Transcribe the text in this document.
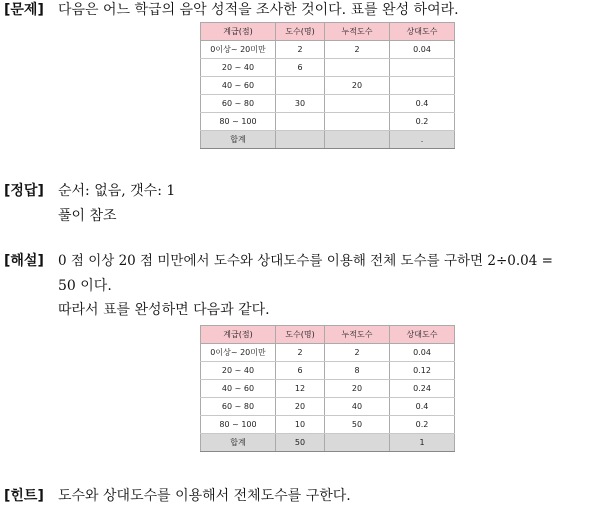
[문제] 다음은 어느 학급의 음악 성적을 조사한 것이다. 표를 완성 하여라.
계급(점)	도수(명)	누적도수	상대도수
0이상~ 20미만	2	2	0.04
20 ~ 40	6		
40 ~ 60		20	
60 ~ 80	30		0.4
80 ~ 100			0.2
합계			.
[정답] 순서: 없음, 갯수: 1
풀이 참조
[해설] 0 점 이상 20 점 미만에서 도수와 상대도수를 이용해 전체 도수를 구하면 2÷0.04 =
50 이다.
따라서 표를 완성하면 다음과 같다.
계급(점)	도수(명)	누적도수	상대도수
0이상~ 20미만	2	2	0.04
20 ~ 40	6	8	0.12
40 ~ 60	12	20	0.24
60 ~ 80	20	40	0.4
80 ~ 100	10	50	0.2
합계	50		1
[힌트] 도수와 상대도수를 이용해서 전체도수를 구한다.
